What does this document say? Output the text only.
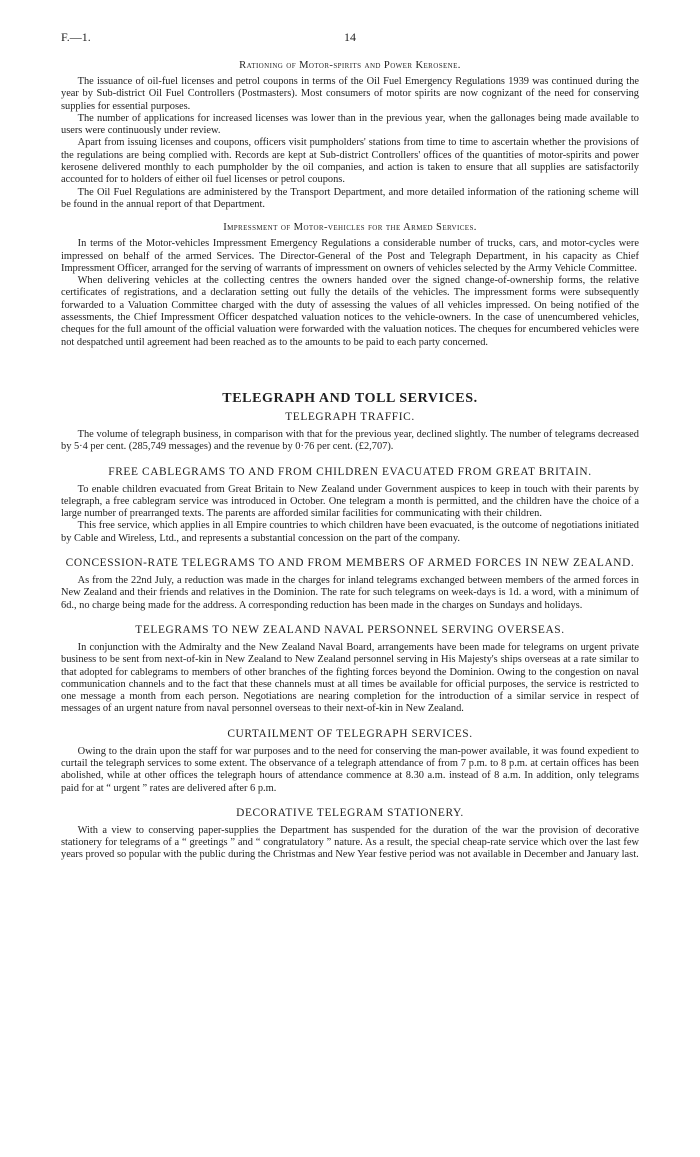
F.—1.	14
Rationing of Motor-spirits and Power Kerosene.

The issuance of oil-fuel licenses and petrol coupons in terms of the Oil Fuel Emergency Regulations 1939 was continued during the year by Sub-district Oil Fuel Controllers (Postmasters). Most consumers of motor spirits are now cognizant of the need for conserving supplies for essential purposes.

The number of applications for increased licenses was lower than in the previous year, when the gallonages being made available to users were continuously under review.

Apart from issuing licenses and coupons, officers visit pumpholders' stations from time to time to ascertain whether the provisions of the regulations are being complied with. Records are kept at Sub-district Controllers' offices of the quantities of motor-spirits and power kerosene delivered monthly to each pumpholder by the oil companies, and action is taken to ensure that all supplies are satisfactorily accounted for to holders of either oil fuel licenses or petrol coupons.

The Oil Fuel Regulations are administered by the Transport Department, and more detailed information of the rationing scheme will be found in the annual report of that Department.

Impressment of Motor-vehicles for the Armed Services.

In terms of the Motor-vehicles Impressment Emergency Regulations a considerable number of trucks, cars, and motor-cycles were impressed on behalf of the armed Services. The Director-General of the Post and Telegraph Department, in his capacity as Chief Impressment Officer, arranged for the serving of warrants of impressment on owners of vehicles selected by the Army Vehicle Committee.

When delivering vehicles at the collecting centres the owners handed over the signed change-of-ownership forms, the relative certificates of registrations, and a declaration setting out fully the details of the vehicles. The impressment forms were subsequently forwarded to a Valuation Committee charged with the duty of assessing the values of all vehicles impressed. On being notified of the assessments, the Chief Impressment Officer despatched valuation notices to the vehicle-owners. In the case of unencumbered vehicles, cheques for the full amount of the official valuation were forwarded with the valuation notices. The cheques for encumbered vehicles were not despatched until agreement had been reached as to the amounts to be paid to each party concerned.

TELEGRAPH AND TOLL SERVICES.
TELEGRAPH TRAFFIC.

The volume of telegraph business, in comparison with that for the previous year, declined slightly. The number of telegrams decreased by 5·4 per cent. (285,749 messages) and the revenue by 0·76 per cent. (£2,707).

FREE CABLEGRAMS TO AND FROM CHILDREN EVACUATED FROM GREAT BRITAIN.

To enable children evacuated from Great Britain to New Zealand under Government auspices to keep in touch with their parents by telegraph, a free cablegram service was introduced in October. One telegram a month is permitted, and the children have the choice of a large number of prearranged texts. The parents are afforded similar facilities for communicating with their children.

This free service, which applies in all Empire countries to which children have been evacuated, is the outcome of negotiations initiated by Cable and Wireless, Ltd., and represents a substantial concession on the part of the company.

CONCESSION-RATE TELEGRAMS TO AND FROM MEMBERS OF ARMED FORCES IN NEW ZEALAND.

As from the 22nd July, a reduction was made in the charges for inland telegrams exchanged between members of the armed forces in New Zealand and their friends and relatives in the Dominion. The rate for such telegrams on week-days is 1d. a word, with a minimum of 6d., no charge being made for the address. A corresponding reduction has been made in the charges on Sundays and holidays.

TELEGRAMS TO NEW ZEALAND NAVAL PERSONNEL SERVING OVERSEAS.

In conjunction with the Admiralty and the New Zealand Naval Board, arrangements have been made for telegrams on urgent private business to be sent from next-of-kin in New Zealand to New Zealand personnel serving in His Majesty's ships overseas at a rate similar to that adopted for cablegrams to members of other branches of the fighting forces beyond the Dominion. Owing to the congestion on naval communication channels and to the fact that these channels must at all times be available for official purposes, the service is restricted to one message a month from each person. Negotiations are nearing completion for the introduction of a similar service in respect of messages of an urgent nature from naval personnel overseas to their next-of-kin in New Zealand.

CURTAILMENT OF TELEGRAPH SERVICES.

Owing to the drain upon the staff for war purposes and to the need for conserving the man-power available, it was found expedient to curtail the telegraph services to some extent. The observance of a telegraph attendance of from 7 p.m. to 8 p.m. at certain offices has been abolished, while at other offices the telegraph hours of attendance commence at 8.30 a.m. instead of 8 a.m. In addition, only telegrams paid for at “ urgent ” rates are delivered after 6 p.m.

DECORATIVE TELEGRAM STATIONERY.

With a view to conserving paper-supplies the Department has suspended for the duration of the war the provision of decorative stationery for telegrams of a “ greetings ” and “ congratulatory ” nature. As a result, the special cheap-rate service which over the last few years proved so popular with the public during the Christmas and New Year festive period was not available in December and January last.
